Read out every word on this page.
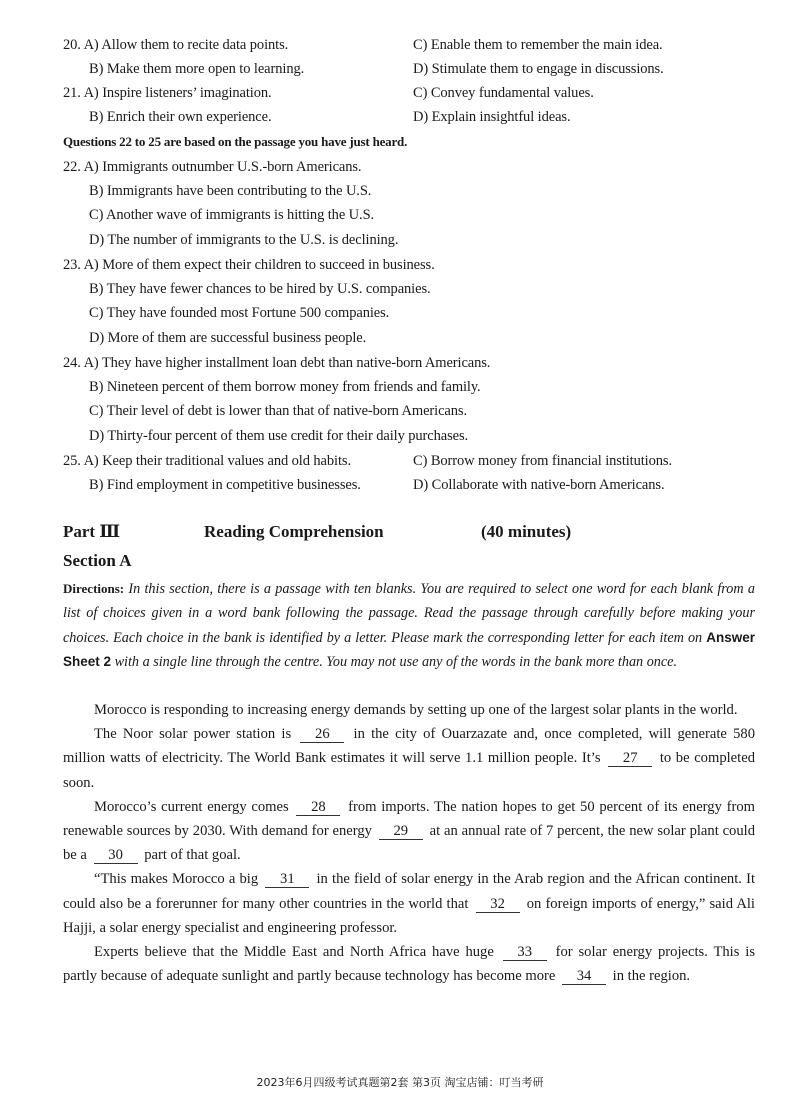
20. A) Allow them to recite data points.	C) Enable them to remember the main idea.
B) Make them more open to learning.	D) Stimulate them to engage in discussions.
21. A) Inspire listeners’ imagination.	C) Convey fundamental values.
B) Enrich their own experience.	D) Explain insightful ideas.
Questions 22 to 25 are based on the passage you have just heard.
22. A) Immigrants outnumber U.S.-born Americans.
B) Immigrants have been contributing to the U.S.
C) Another wave of immigrants is hitting the U.S.
D) The number of immigrants to the U.S. is declining.
23. A) More of them expect their children to succeed in business.
B) They have fewer chances to be hired by U.S. companies.
C) They have founded most Fortune 500 companies.
D) More of them are successful business people.
24. A) They have higher installment loan debt than native-born Americans.
B) Nineteen percent of them borrow money from friends and family.
C) Their level of debt is lower than that of native-born Americans.
D) Thirty-four percent of them use credit for their daily purchases.
25. A) Keep their traditional values and old habits.	C) Borrow money from financial institutions.
B) Find employment in competitive businesses.	D) Collaborate with native-born Americans.
Part Ⅲ	Reading Comprehension	(40 minutes)
Section A
Directions: In this section, there is a passage with ten blanks. You are required to select one word for each blank from a list of choices given in a word bank following the passage. Read the passage through carefully before making your choices. Each choice in the bank is identified by a letter. Please mark the corresponding letter for each item on Answer Sheet 2 with a single line through the centre. You may not use any of the words in the bank more than once.

Morocco is responding to increasing energy demands by setting up one of the largest solar plants in the world.

The Noor solar power station is 26 in the city of Ouarzazate and, once completed, will generate 580 million watts of electricity. The World Bank estimates it will serve 1.1 million people. It’s 27 to be completed soon.

Morocco’s current energy comes 28 from imports. The nation hopes to get 50 percent of its energy from renewable sources by 2030. With demand for energy 29 at an annual rate of 7 percent, the new solar plant could be a 30 part of that goal.

“This makes Morocco a big 31 in the field of solar energy in the Arab region and the African continent. It could also be a forerunner for many other countries in the world that 32 on foreign imports of energy,” said Ali Hajji, a solar energy specialist and engineering professor.

Experts believe that the Middle East and North Africa have huge 33 for solar energy projects. This is partly because of adequate sunlight and partly because technology has become more 34 in the region.

2023年6月四级考试真题第2套 第3页 淘宝店铺：叮当考研
